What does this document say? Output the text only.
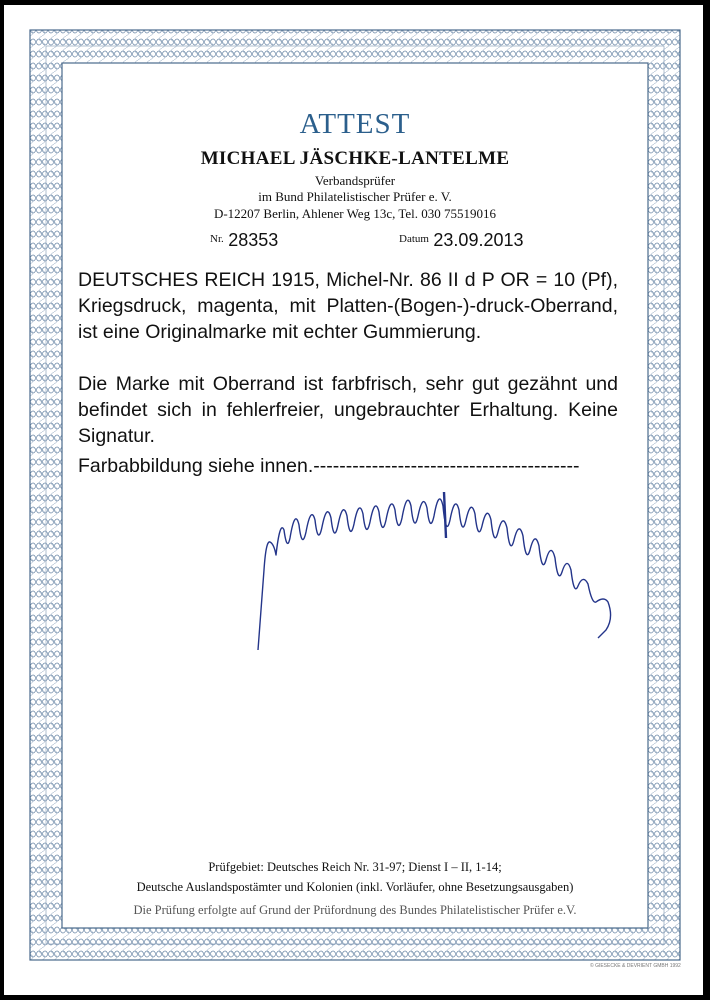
ATTEST
MICHAEL JÄSCHKE-LANTELME
Verbandsprüfer
im Bund Philatelistischer Prüfer e. V.
D-12207 Berlin, Ahlener Weg 13c, Tel. 030 75519016
$^{Nr.}$ 28353	$^{Datum}$ 23.09.2013
DEUTSCHES REICH 1915, Michel-Nr. 86 II d P OR = 10 (Pf), Kriegsdruck, magenta, mit Platten-(Bogen-)-druck-Oberrand, ist eine Originalmarke mit echter Gummierung.
Die Marke mit Oberrand ist farbfrisch, sehr gut gezähnt und befindet sich in fehlerfreier, ungebrauchter Erhaltung. Keine Signatur.
Farbabbildung siehe innen.-----------------------------------------
Prüfgebiet: Deutsches Reich Nr. 31-97; Dienst I – II, 1-14;
Deutsche Auslandspostämter und Kolonien (inkl. Vorläufer, ohne Besetzungsausgaben)
Die Prüfung erfolgte auf Grund der Prüfordnung des Bundes Philatelistischer Prüfer e.V.
© GIESECKE & DEVRIENT GMBH 1992
